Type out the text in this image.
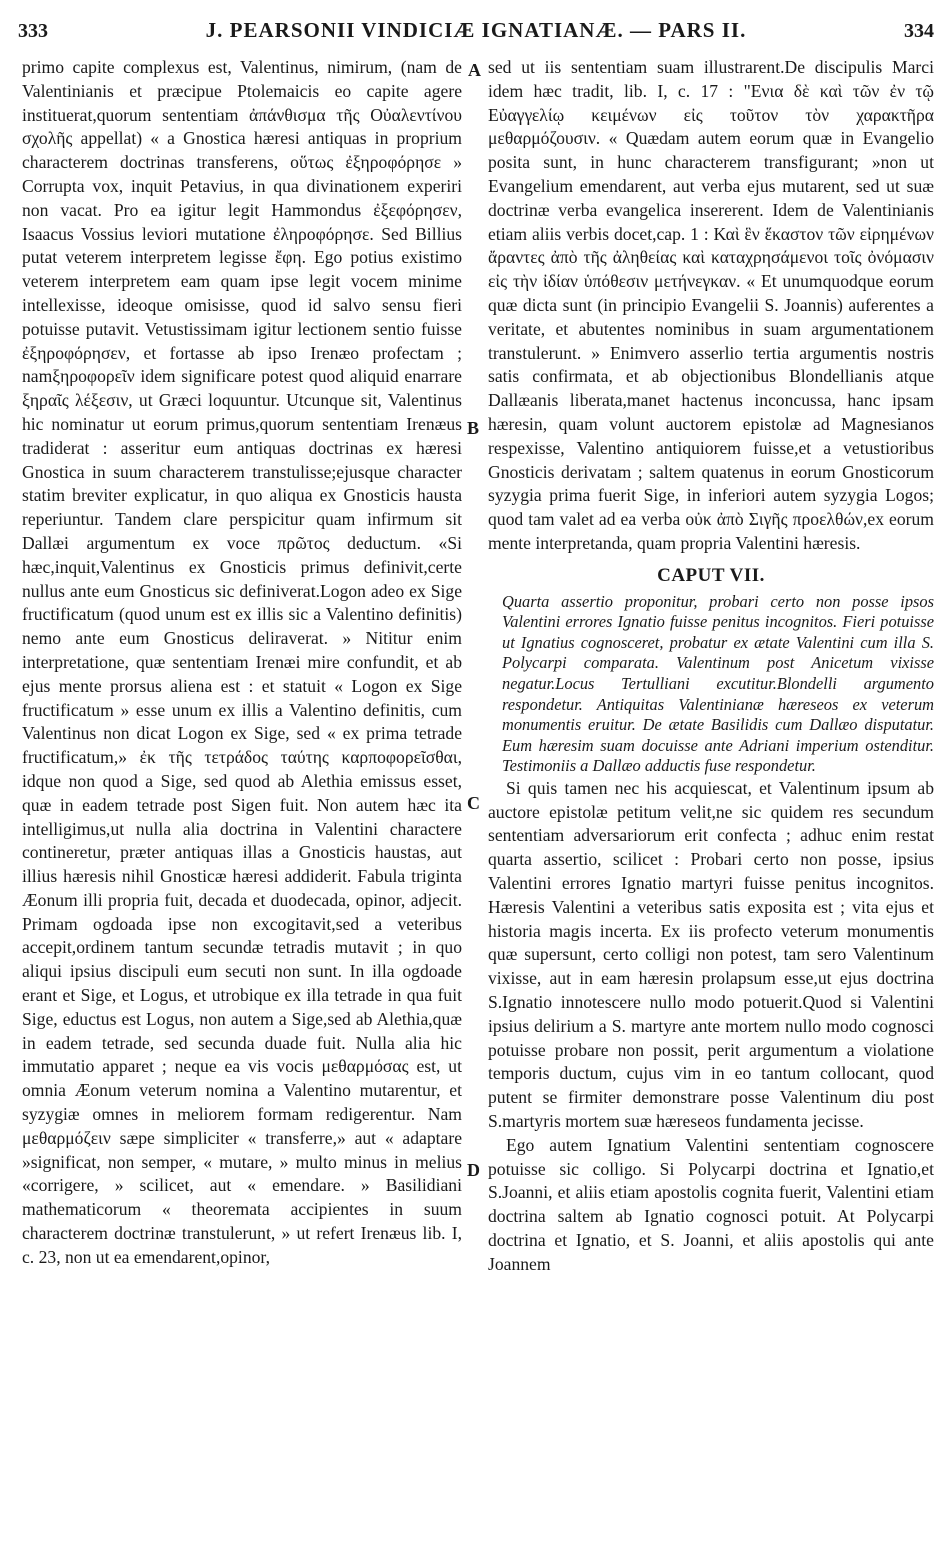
333	J. PEARSONII VINDICIÆ IGNATIANÆ. — PARS II.	334

primo capite complexus est, Valentinus, nimirum, (nam de Valentinianis et præcipue Ptolemaicis eo capite agere instituerat,quorum sententiam ἀπάνθισμα τῆς Οὐαλεντίνου σχολῆς appellat) « a Gnostica hæresi antiquas in proprium characterem doctrinas transferens, οὕτως ἐξηροφόρησε » Corrupta vox, inquit Petavius, in qua divinationem experiri non vacat. Pro ea igitur legit Hammondus ἐξεφόρησεν, Isaacus Vossius leviori mutatione ἐληροφόρησε. Sed Billius putat veterem interpretem legisse ἔφη. Ego potius existimo veterem interpretem eam quam ipse legit vocem minime intellexisse, ideoque omisisse, quod id salvo sensu fieri potuisse putavit. Vetustissimam igitur lectionem sentio fuisse ἐξηροφόρησεν, et fortasse ab ipso Irenæo profectam ; namξηροφορεῖν idem significare potest quod aliquid enarrare ξηραῖς λέξεσιν, ut Græci loquuntur. Utcunque sit, Valentinus hic nominatur ut eorum primus,quorum sententiam Irenæus tradiderat : asseritur eum antiquas doctrinas ex hæresi Gnostica in suum characterem transtulisse;ejusque character statim breviter explicatur, in quo aliqua ex Gnosticis hausta reperiuntur. Tandem clare perspicitur quam infirmum sit Dallæi argumentum ex voce πρῶτος deductum. «Si hæc,inquit,Valentinus ex Gnosticis primus definivit,certe nullus ante eum Gnosticus sic definiverat.Logon adeo ex Sige fructificatum (quod unum est ex illis sic a Valentino definitis) nemo ante eum Gnosticus deliraverat. » Nititur enim interpretatione, quæ sententiam Irenæi mire confundit, et ab ejus mente prorsus aliena est : et statuit « Logon ex Sige fructificatum » esse unum ex illis a Valentino definitis, cum Valentinus non dicat Logon ex Sige, sed « ex prima tetrade fructificatum,» ἐκ τῆς τετράδος ταύτης καρποφορεῖσθαι, idque non quod a Sige, sed quod ab Alethia emissus esset, quæ in eadem tetrade post Sigen fuit. Non autem hæc ita intelligimus,ut nulla alia doctrina in Valentini charactere contineretur, præter antiquas illas a Gnosticis haustas, aut illius hæresis nihil Gnosticæ hæresi addiderit. Fabula triginta Æonum illi propria fuit, decada et duodecada, opinor, adjecit. Primam ogdoada ipse non excogitavit,sed a veteribus accepit,ordinem tantum secundæ tetradis mutavit ; in quo aliqui ipsius discipuli eum secuti non sunt. In illa ogdoade erant et Sige, et Logus, et utrobique ex illa tetrade in qua fuit Sige, eductus est Logus, non autem a Sige,sed ab Alethia,quæ in eadem tetrade, sed secunda duade fuit. Nulla alia hic immutatio apparet ; neque ea vis vocis μεθαρμόσας est, ut omnia Æonum veterum nomina a Valentino mutarentur, et syzygiæ omnes in meliorem formam redigerentur. Nam μεθαρμόζειν sæpe simpliciter « transferre,» aut « adaptare »significat, non semper, « mutare, » multo minus in melius «corrigere, » scilicet, aut « emendare. » Basilidiani mathematicorum « theoremata accipientes in suum characterem doctrinæ transtulerunt, » ut refert Irenæus lib. I, c. 23, non ut ea emendarent,opinor,

A
B
C
D

sed ut iis sententiam suam illustrarent.De discipulis Marci idem hæc tradit, lib. I, c. 17 : "Ενια δὲ καὶ τῶν ἐν τῷ Εὐαγγελίῳ κειμένων εἰς τοῦτον τὸν χαρακτῆρα μεθαρμόζουσιν. « Quædam autem eorum quæ in Evangelio posita sunt, in hunc characterem transfigurant; »non ut Evangelium emendarent, aut verba ejus mutarent, sed ut suæ doctrinæ verba evangelica insererent. Idem de Valentinianis etiam aliis verbis docet,cap. 1 : Καὶ ἓν ἕκαστον τῶν εἰρημένων ἄραντες ἀπὸ τῆς ἀληθείας καὶ καταχρησάμενοι τοῖς ὀνόμασιν εἰς τὴν ἰδίαν ὑπόθεσιν μετήνεγκαν. « Et unumquodque eorum quæ dicta sunt (in principio Evangelii S. Joannis) auferentes a veritate, et abutentes nominibus in suam argumentationem transtulerunt. » Enimvero asserlio tertia argumentis nostris satis confirmata, et ab objectionibus Blondellianis atque Dallæanis liberata,manet hactenus inconcussa, hanc ipsam hæresin, quam volunt auctorem epistolæ ad Magnesianos respexisse, Valentino antiquiorem fuisse,et a vetustioribus Gnosticis derivatam ; saltem quatenus in eorum Gnosticorum syzygia prima fuerit Sige, in inferiori autem syzygia Logos; quod tam valet ad ea verba οὐκ ἀπὸ Σιγῆς προελθών,ex eorum mente interpretanda, quam propria Valentini hæresis.

CAPUT VII.

Quarta assertio proponitur, probari certo non posse ipsos Valentini errores Ignatio fuisse penitus incognitos. Fieri potuisse ut Ignatius cognosceret, probatur ex ætate Valentini cum illa S. Polycarpi comparata. Valentinum post Anicetum vixisse negatur.Locus Tertulliani excutitur.Blondelli argumento respondetur. Antiquitas Valentinianæ hæreseos ex veterum monumentis eruitur. De ætate Basilidis cum Dallæo disputatur. Eum hæresim suam docuisse ante Adriani imperium ostenditur. Testimoniis a Dallæo adductis fuse respondetur.

Si quis tamen nec his acquiescat, et Valentinum ipsum ab auctore epistolæ petitum velit,ne sic quidem res secundum sententiam adversariorum erit confecta ; adhuc enim restat quarta assertio, scilicet : Probari certo non posse, ipsius Valentini errores Ignatio martyri fuisse penitus incognitos. Hæresis Valentini a veteribus satis exposita est ; vita ejus et historia magis incerta. Ex iis profecto veterum monumentis quæ supersunt, certo colligi non potest, tam sero Valentinum vixisse, aut in eam hæresin prolapsum esse,ut ejus doctrina S.Ignatio innotescere nullo modo potuerit.Quod si Valentini ipsius delirium a S. martyre ante mortem nullo modo cognosci potuisse probare non possit, perit argumentum a violatione temporis ductum, cujus vim in eo tantum collocant, quod putent se firmiter demonstrare posse Valentinum diu post S.martyris mortem suæ hæreseos fundamenta jecisse.

Ego autem Ignatium Valentini sententiam cognoscere potuisse sic colligo. Si Polycarpi doctrina et Ignatio,et S.Joanni, et aliis etiam apostolis cognita fuerit, Valentini etiam doctrina saltem ab Ignatio cognosci potuit. At Polycarpi doctrina et Ignatio, et S. Joanni, et aliis apostolis qui ante Joannem
